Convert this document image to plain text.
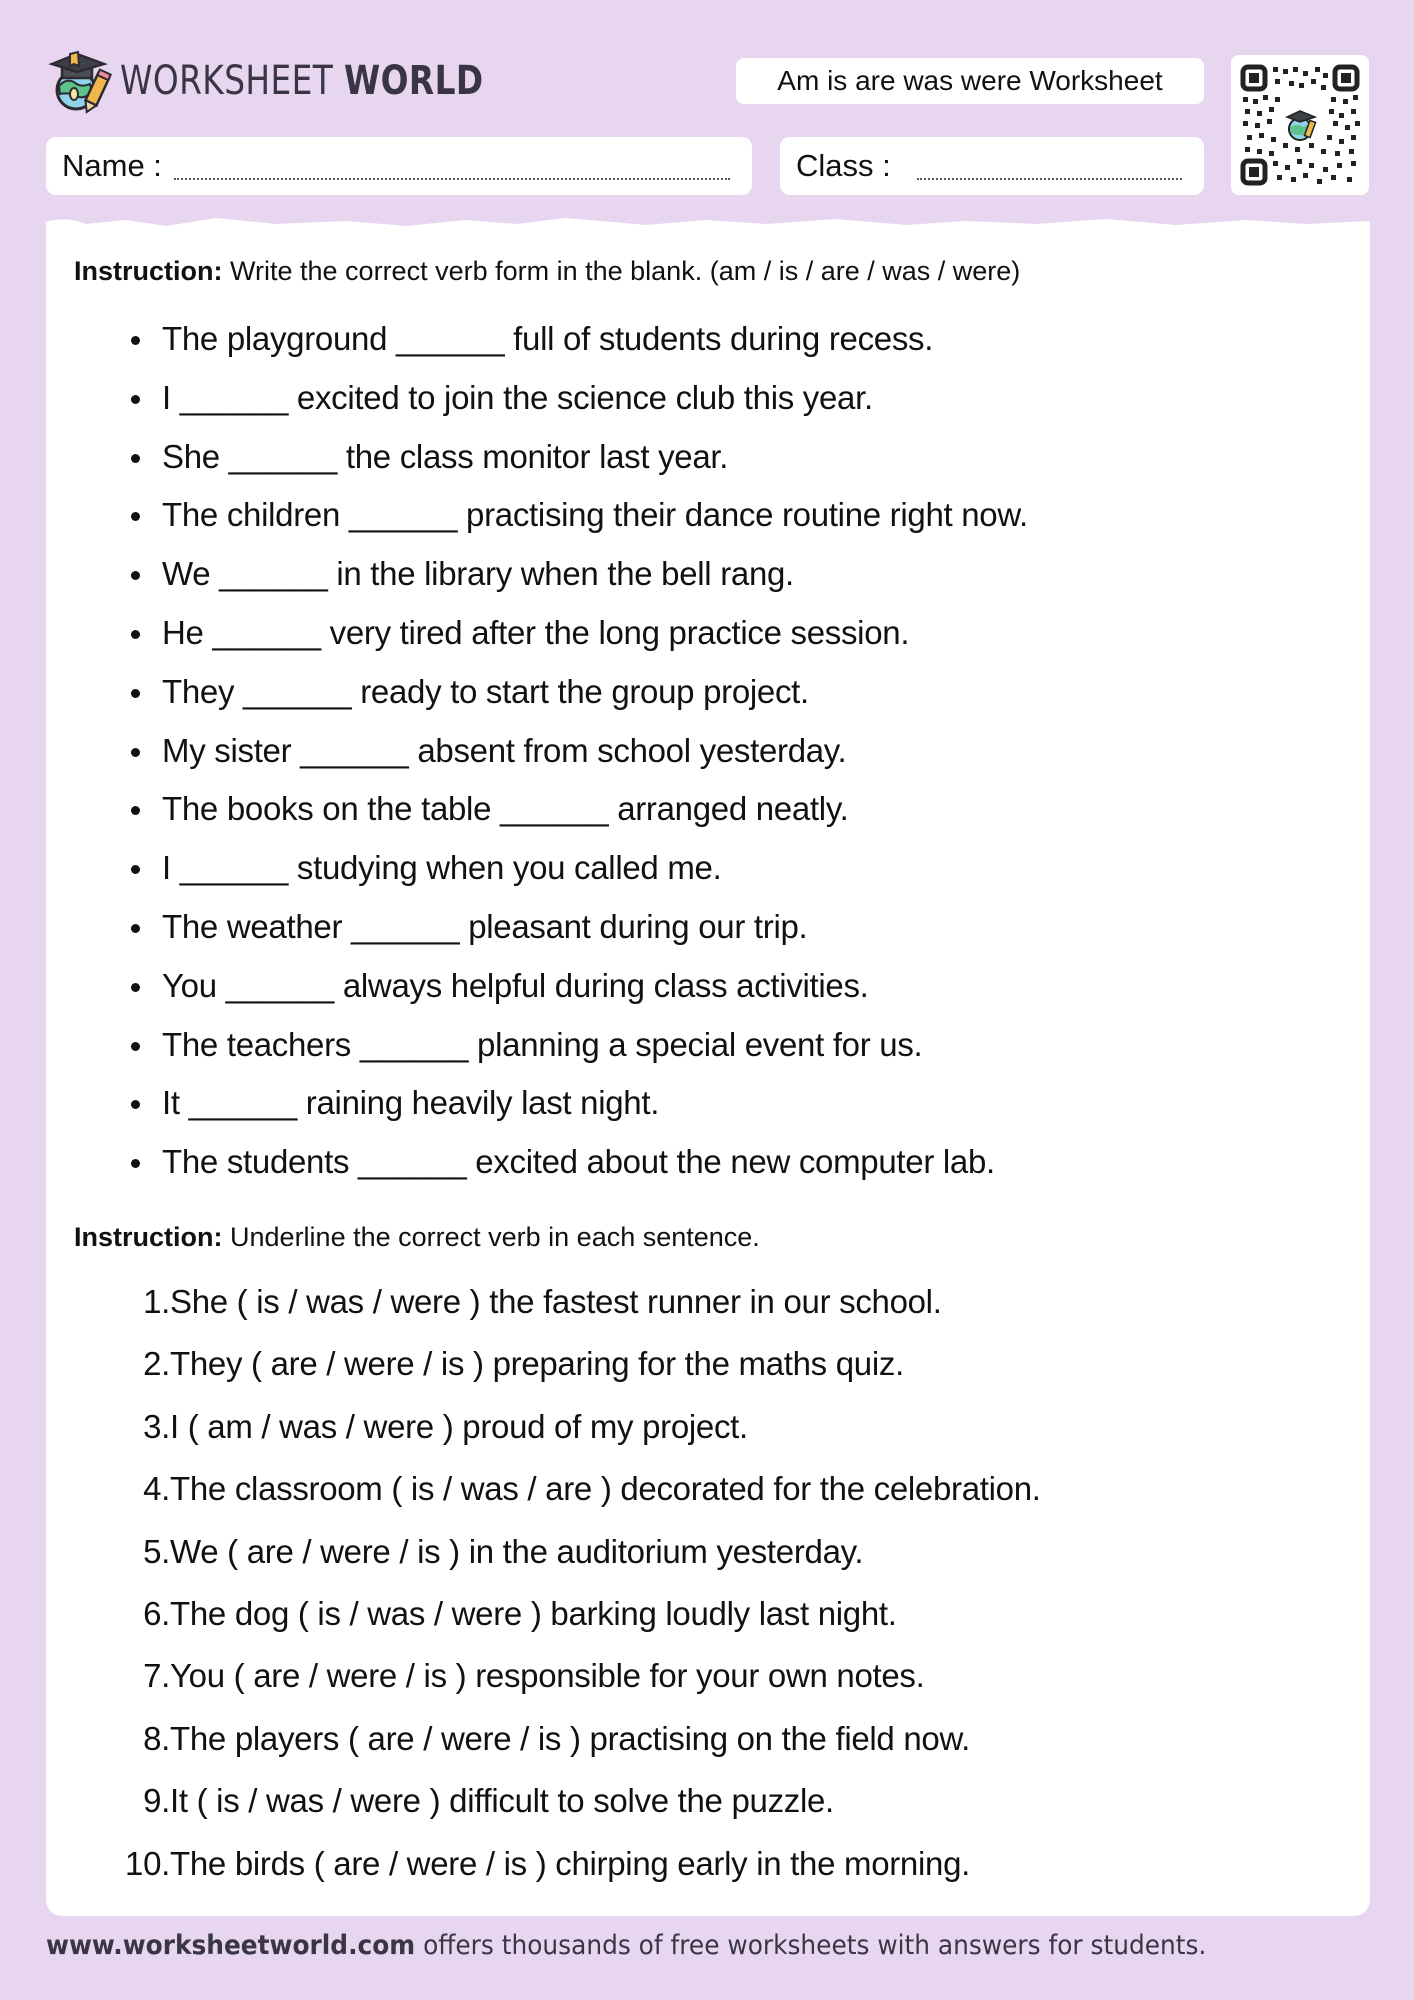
WORKSHEET WORLD	Am is are was were Worksheet
Name :	Class :
Instruction: Write the correct verb form in the blank. (am / is / are / was / were)
The playground ______ full of students during recess.
I ______ excited to join the science club this year.
She ______ the class monitor last year.
The children ______ practising their dance routine right now.
We ______ in the library when the bell rang.
He ______ very tired after the long practice session.
They ______ ready to start the group project.
My sister ______ absent from school yesterday.
The books on the table ______ arranged neatly.
I ______ studying when you called me.
The weather ______ pleasant during our trip.
You ______ always helpful during class activities.
The teachers ______ planning a special event for us.
It ______ raining heavily last night.
The students ______ excited about the new computer lab.
Instruction: Underline the correct verb in each sentence.
1. She ( is / was / were ) the fastest runner in our school.
2. They ( are / were / is ) preparing for the maths quiz.
3. I ( am / was / were ) proud of my project.
4. The classroom ( is / was / are ) decorated for the celebration.
5. We ( are / were / is ) in the auditorium yesterday.
6. The dog ( is / was / were ) barking loudly last night.
7. You ( are / were / is ) responsible for your own notes.
8. The players ( are / were / is ) practising on the field now.
9. It ( is / was / were ) difficult to solve the puzzle.
10. The birds ( are / were / is ) chirping early in the morning.
www.worksheetworld.com offers thousands of free worksheets with answers for students.
